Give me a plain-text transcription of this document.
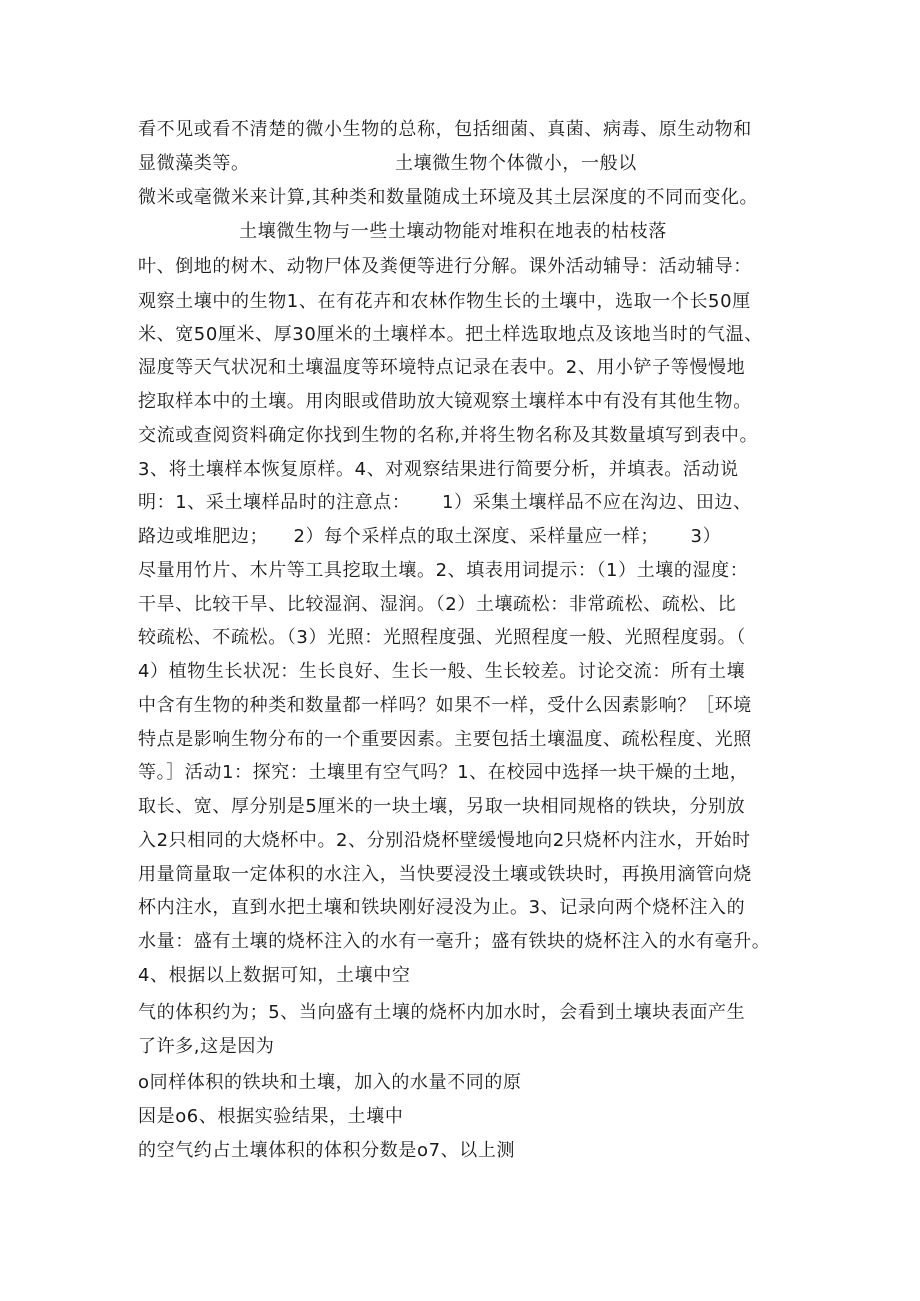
看不见或看不清楚的微小生物的总称，包括细菌、真菌、病毒、原生动物和

显微藻类等。                       土壤微生物个体微小，一般以

微米或毫微米来计算,其种类和数量随成土环境及其土层深度的不同而变化。

土壤微生物与一些土壤动物能对堆积在地表的枯枝落

叶、倒地的树木、动物尸体及粪便等进行分解。课外活动辅导：活动辅导：

观察土壤中的生物1、在有花卉和农林作物生长的土壤中，选取一个长50厘

米、宽50厘米、厚30厘米的土壤样本。把土样选取地点及该地当时的气温、

湿度等天气状况和土壤温度等环境特点记录在表中。2、用小铲子等慢慢地

挖取样本中的土壤。用肉眼或借助放大镜观察土壤样本中有没有其他生物。

交流或查阅资料确定你找到生物的名称,并将生物名称及其数量填写到表中。

3、将土壤样本恢复原样。4、对观察结果进行简要分析，并填表。活动说

明：1、采土壤样品时的注意点：     1）采集土壤样品不应在沟边、田边、

路边或堆肥边；    2）每个采样点的取土深度、采样量应一样；     3）

尽量用竹片、木片等工具挖取土壤。2、填表用词提示：（1）土壤的湿度：

干旱、比较干旱、比较湿润、湿润。（2）土壤疏松：非常疏松、疏松、比

较疏松、不疏松。（3）光照：光照程度强、光照程度一般、光照程度弱。（

4）植物生长状况：生长良好、生长一般、生长较差。讨论交流：所有土壤

中含有生物的种类和数量都一样吗？如果不一样，受什么因素影响？［环境

特点是影响生物分布的一个重要因素。主要包括土壤温度、疏松程度、光照

等。］活动1：探究：土壤里有空气吗？1、在校园中选择一块干燥的土地，

取长、宽、厚分别是5厘米的一块土壤，另取一块相同规格的铁块，分别放

入2只相同的大烧杯中。2、分别沿烧杯壁缓慢地向2只烧杯内注水，开始时

用量筒量取一定体积的水注入，当快要浸没土壤或铁块时，再换用滴管向烧

杯内注水，直到水把土壤和铁块刚好浸没为止。3、记录向两个烧杯注入的

水量：盛有土壤的烧杯注入的水有一毫升；盛有铁块的烧杯注入的水有毫升。

4、根据以上数据可知，土壤中空

气的体积约为；5、当向盛有土壤的烧杯内加水时，会看到土壤块表面产生

了许多,这是因为

o同样体积的铁块和土壤，加入的水量不同的原

因是o6、根据实验结果，土壤中

的空气约占土壤体积的体积分数是o7、以上测
